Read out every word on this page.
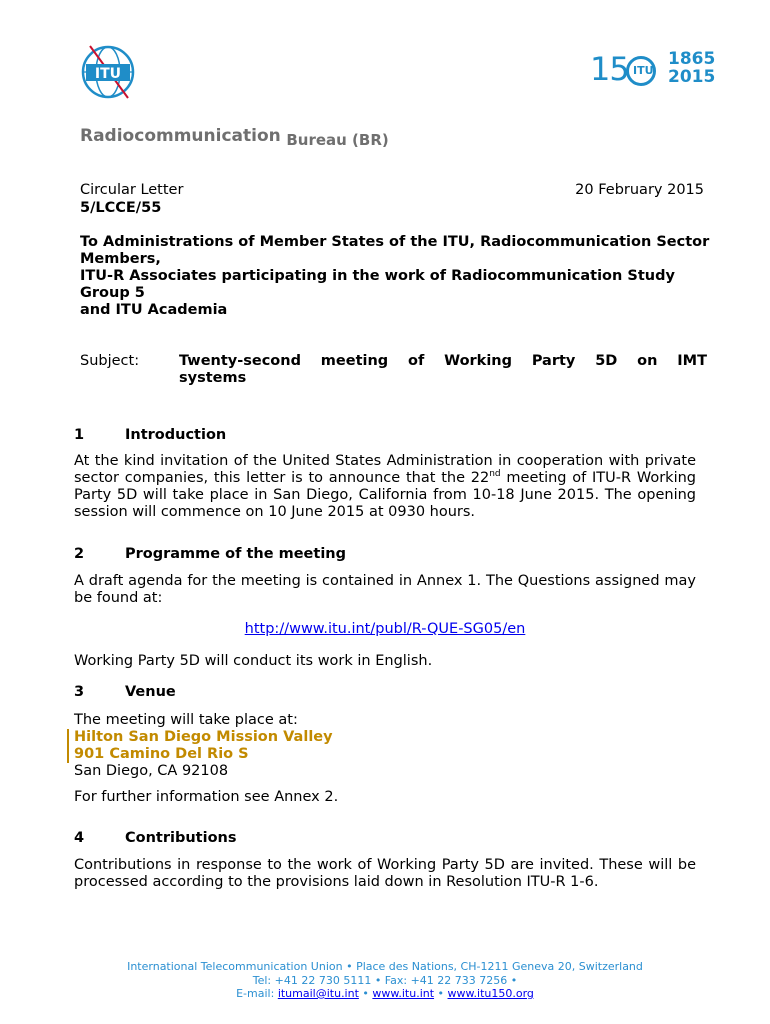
ITU	15 ITU
1865
2015
Radiocommunication Bureau (BR)
Circular Letter
5/LCCE/55
20 February 2015
To Administrations of Member States of the ITU, Radiocommunication Sector Members,
ITU-R Associates participating in the work of Radiocommunication Study Group 5
and ITU Academia
Subject:	Twenty-second meeting of Working Party 5D on IMT
systems
1	Introduction
At the kind invitation of the United States Administration in cooperation with private sector companies, this letter is to announce that the 22nd meeting of ITU-R Working Party 5D will take place in San Diego, California from 10-18 June 2015. The opening session will commence on 10 June 2015 at 0930 hours.
2	Programme of the meeting
A draft agenda for the meeting is contained in Annex 1. The Questions assigned may be found at:
http://www.itu.int/publ/R-QUE-SG05/en
Working Party 5D will conduct its work in English.
3	Venue
The meeting will take place at:
Hilton San Diego Mission Valley
901 Camino Del Rio S
San Diego, CA 92108
For further information see Annex 2.
4	Contributions
Contributions in response to the work of Working Party 5D are invited. These will be processed according to the provisions laid down in Resolution ITU-R 1-6.
International Telecommunication Union • Place des Nations, CH-1211 Geneva 20, Switzerland
Tel: +41 22 730 5111 • Fax: +41 22 733 7256 •
E-mail: itumail@itu.int • www.itu.int • www.itu150.org
